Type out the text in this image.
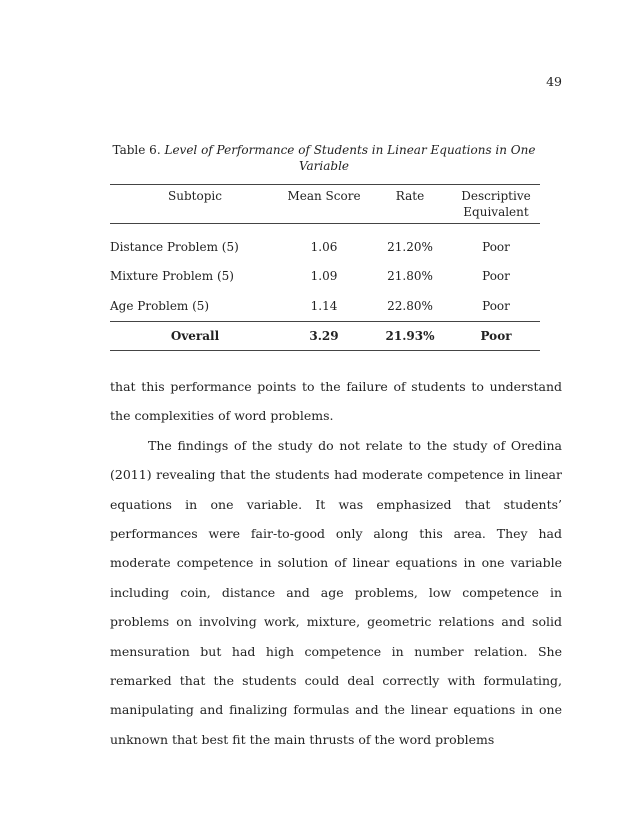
49
Table 6. Level of Performance of Students in Linear Equations in One Variable
Subtopic	Mean Score	Rate	Descriptive Equivalent
Distance Problem (5)	1.06	21.20%	Poor
Mixture Problem (5)	1.09	21.80%	Poor
Age Problem (5)	1.14	22.80%	Poor
Overall	3.29	21.93%	Poor

that this performance points to the failure of students to understand the complexities of word problems.

The findings of the study do not relate to the study of Oredina (2011) revealing that the students had moderate competence in linear equations in one variable. It was emphasized that students’ performances were fair-to-good only along this area. They had moderate competence in solution of linear equations in one variable including coin, distance and age problems, low competence in problems on involving work, mixture, geometric relations and solid mensuration but had high competence in number relation. She remarked that the students could deal correctly with formulating, manipulating and finalizing formulas and the linear equations in one unknown that best fit the main thrusts of the word problems
